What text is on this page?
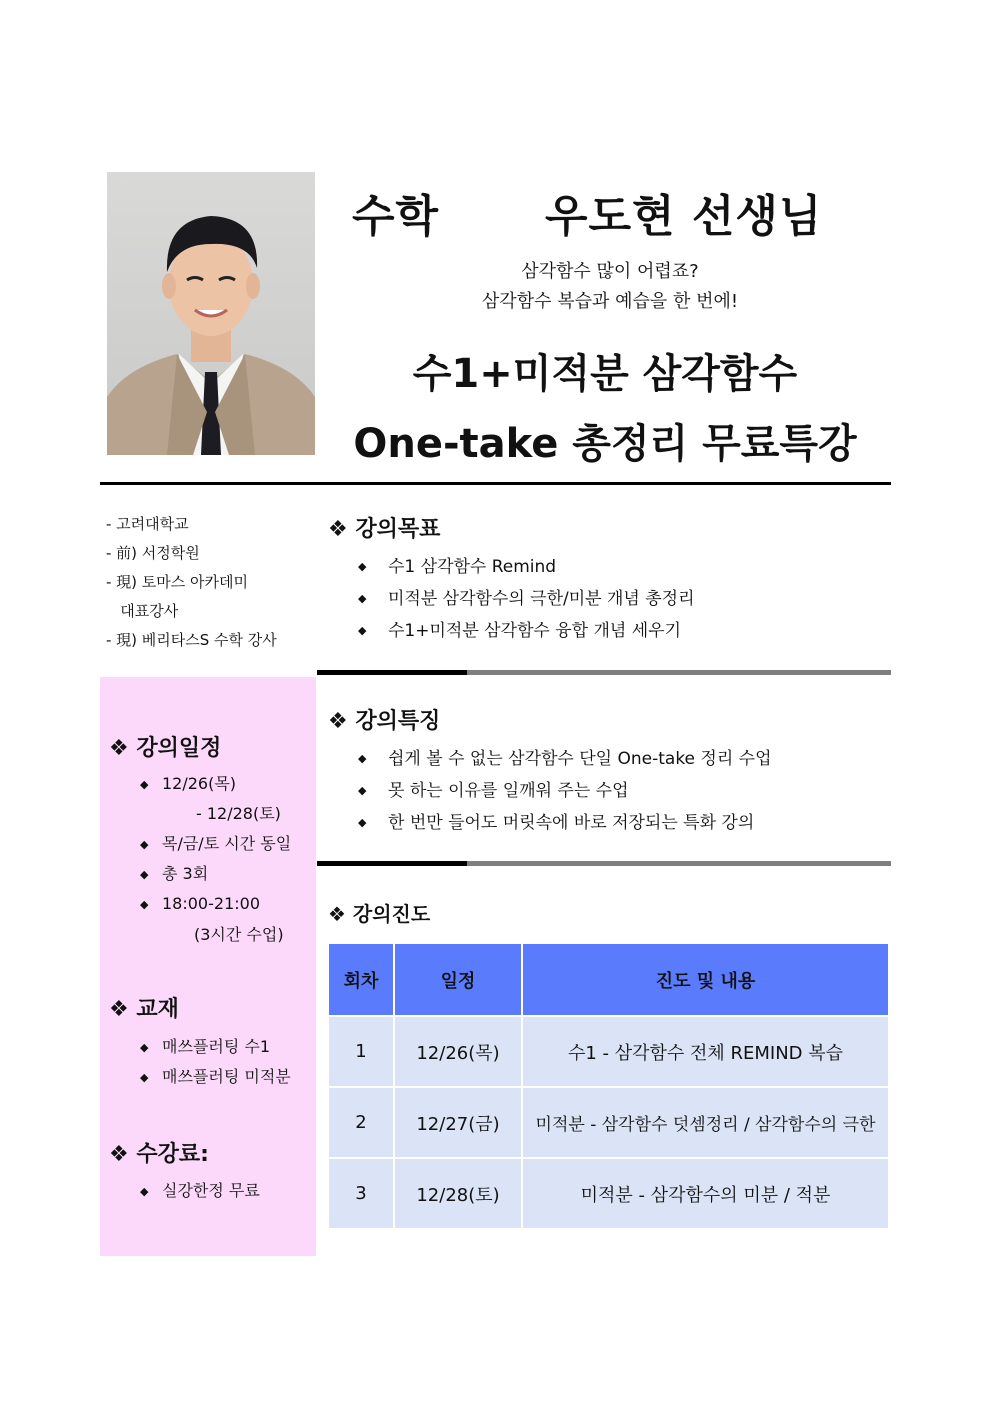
수학 우도현 선생님
삼각함수 많이 어렵죠?
삼각함수 복습과 예습을 한 번에!
수1+미적분 삼각함수
One-take 총정리 무료특강
- 고려대학교
- 前) 서정학원
- 現) 토마스 아카데미
대표강사
- 現) 베리타스S 수학 강사
❖ 강의일정
◆ 12/26(목)
- 12/28(토)
◆ 목/금/토 시간 동일
◆ 총 3회
◆ 18:00-21:00
(3시간 수업)
❖ 교재
◆ 매쓰플러팅 수1
◆ 매쓰플러팅 미적분
❖ 수강료:
◆ 실강한정 무료
❖ 강의목표
◆ 수1 삼각함수 Remind
◆ 미적분 삼각함수의 극한/미분 개념 총정리
◆ 수1+미적분 삼각함수 융합 개념 세우기
❖ 강의특징
◆ 쉽게 볼 수 없는 삼각함수 단일 One-take 정리 수업
◆ 못 하는 이유를 일깨워 주는 수업
◆ 한 번만 들어도 머릿속에 바로 저장되는 특화 강의
❖ 강의진도
회차	일정	진도 및 내용
1	12/26(목)	수1 - 삼각함수 전체 REMIND 복습
2	12/27(금)	미적분 - 삼각함수 덧셈정리 / 삼각함수의 극한
3	12/28(토)	미적분 - 삼각함수의 미분 / 적분
